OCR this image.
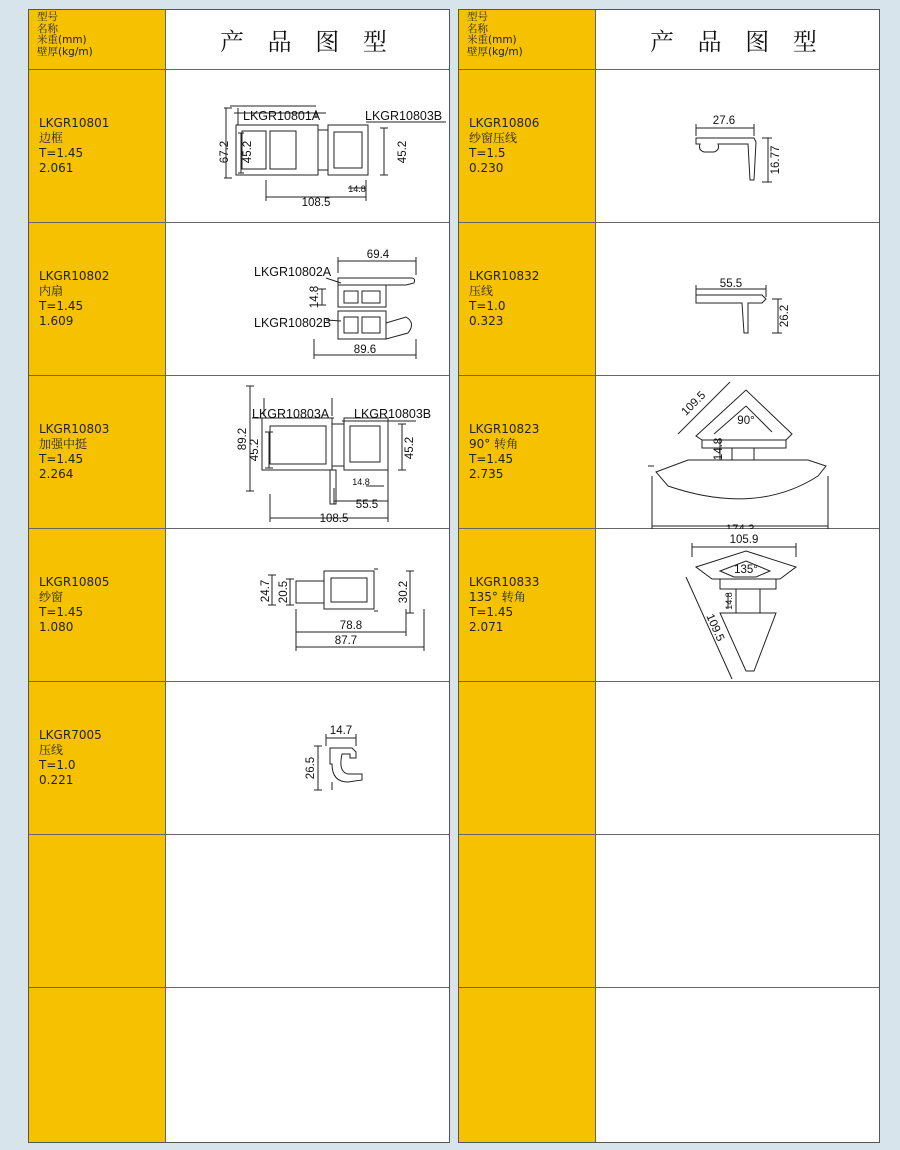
型号
名称
米重(mm)
壁厚(kg/m)	产 品 图 型
LKGR10801
边框
T=1.45
2.061
LKGR10801A	LKGR10803B
67.2 45.2	45.2
108.5
14.8
LKGR10802
内扇
T=1.45
1.609
69.4
LKGR10802A
LKGR10802B
14.8
89.6
LKGR10803
加强中挺
T=1.45
2.264
LKGR10803A LKGR10803B
89.2 45.2	45.2
14.8
55.5
108.5
LKGR10805
纱窗
T=1.45
1.080
24.7 20.5	30.2
78.8
87.7
LKGR7005
压线
T=1.0
0.221
14.7
26.5
型号
名称
米重(mm)
壁厚(kg/m)	产 品 图 型
LKGR10806
纱窗压线
T=1.5
0.230
27.6
16.77
LKGR10832
压线
T=1.0
0.323
55.5
26.2
LKGR10823
90° 转角
T=1.45
2.735
109.5
90°
14.8
LKGR10833
135° 转角
T=1.45
2.071
105.9
135°
14.8
109.5
